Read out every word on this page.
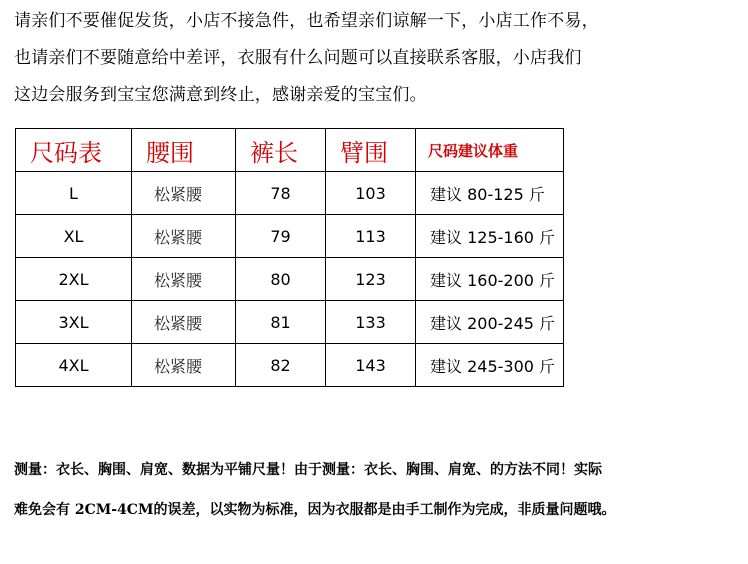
请亲们不要催促发货，小店不接急件，也希望亲们谅解一下，小店工作不易，
也请亲们不要随意给中差评，衣服有什么问题可以直接联系客服，小店我们
这边会服务到宝宝您满意到终止，感谢亲爱的宝宝们。
尺码表	腰围	裤长	臂围	尺码建议体重
L	松紧腰	78	103	建议 80-125 斤
XL	松紧腰	79	113	建议 125-160 斤
2XL	松紧腰	80	123	建议 160-200 斤
3XL	松紧腰	81	133	建议 200-245 斤
4XL	松紧腰	82	143	建议 245-300 斤
测量：衣长、胸围、肩宽、数据为平铺尺量！由于测量：衣长、胸围、肩宽、的方法不同！实际
难免会有 2CM-4CM的误差，以实物为标准，因为衣服都是由手工制作为完成，非质量问题哦。
